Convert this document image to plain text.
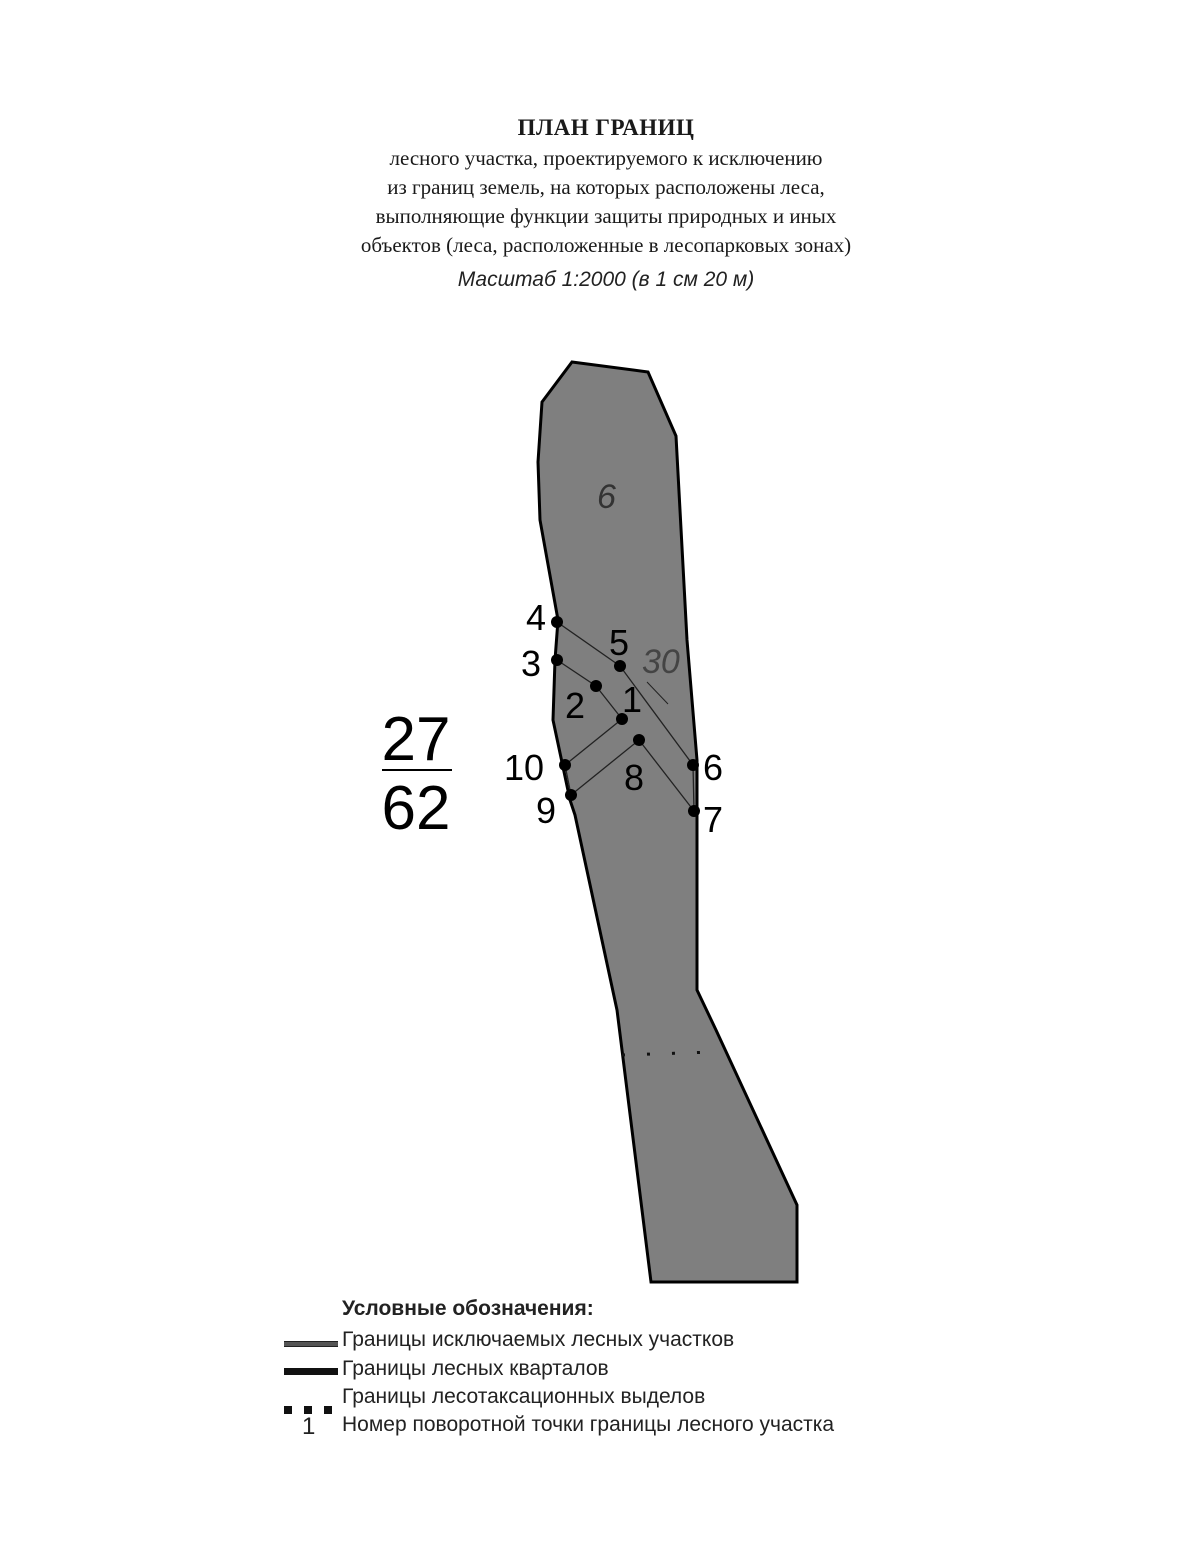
ПЛАН ГРАНИЦ

лесного участка, проектируемого к исключению

из границ земель, на которых расположены леса,

выполняющие функции защиты природных и иных

объектов (леса, расположенные в лесопарковых зонах)

Масштаб 1:2000 (в 1 см 20 м)
1
2
3
4
5
6
7
8
9
10
6
30
27
62
Условные обозначения:
Границы исключаемых лесных участков
Границы лесных кварталов
Границы лесотаксационных выделов
1 Номер поворотной точки границы лесного участка
